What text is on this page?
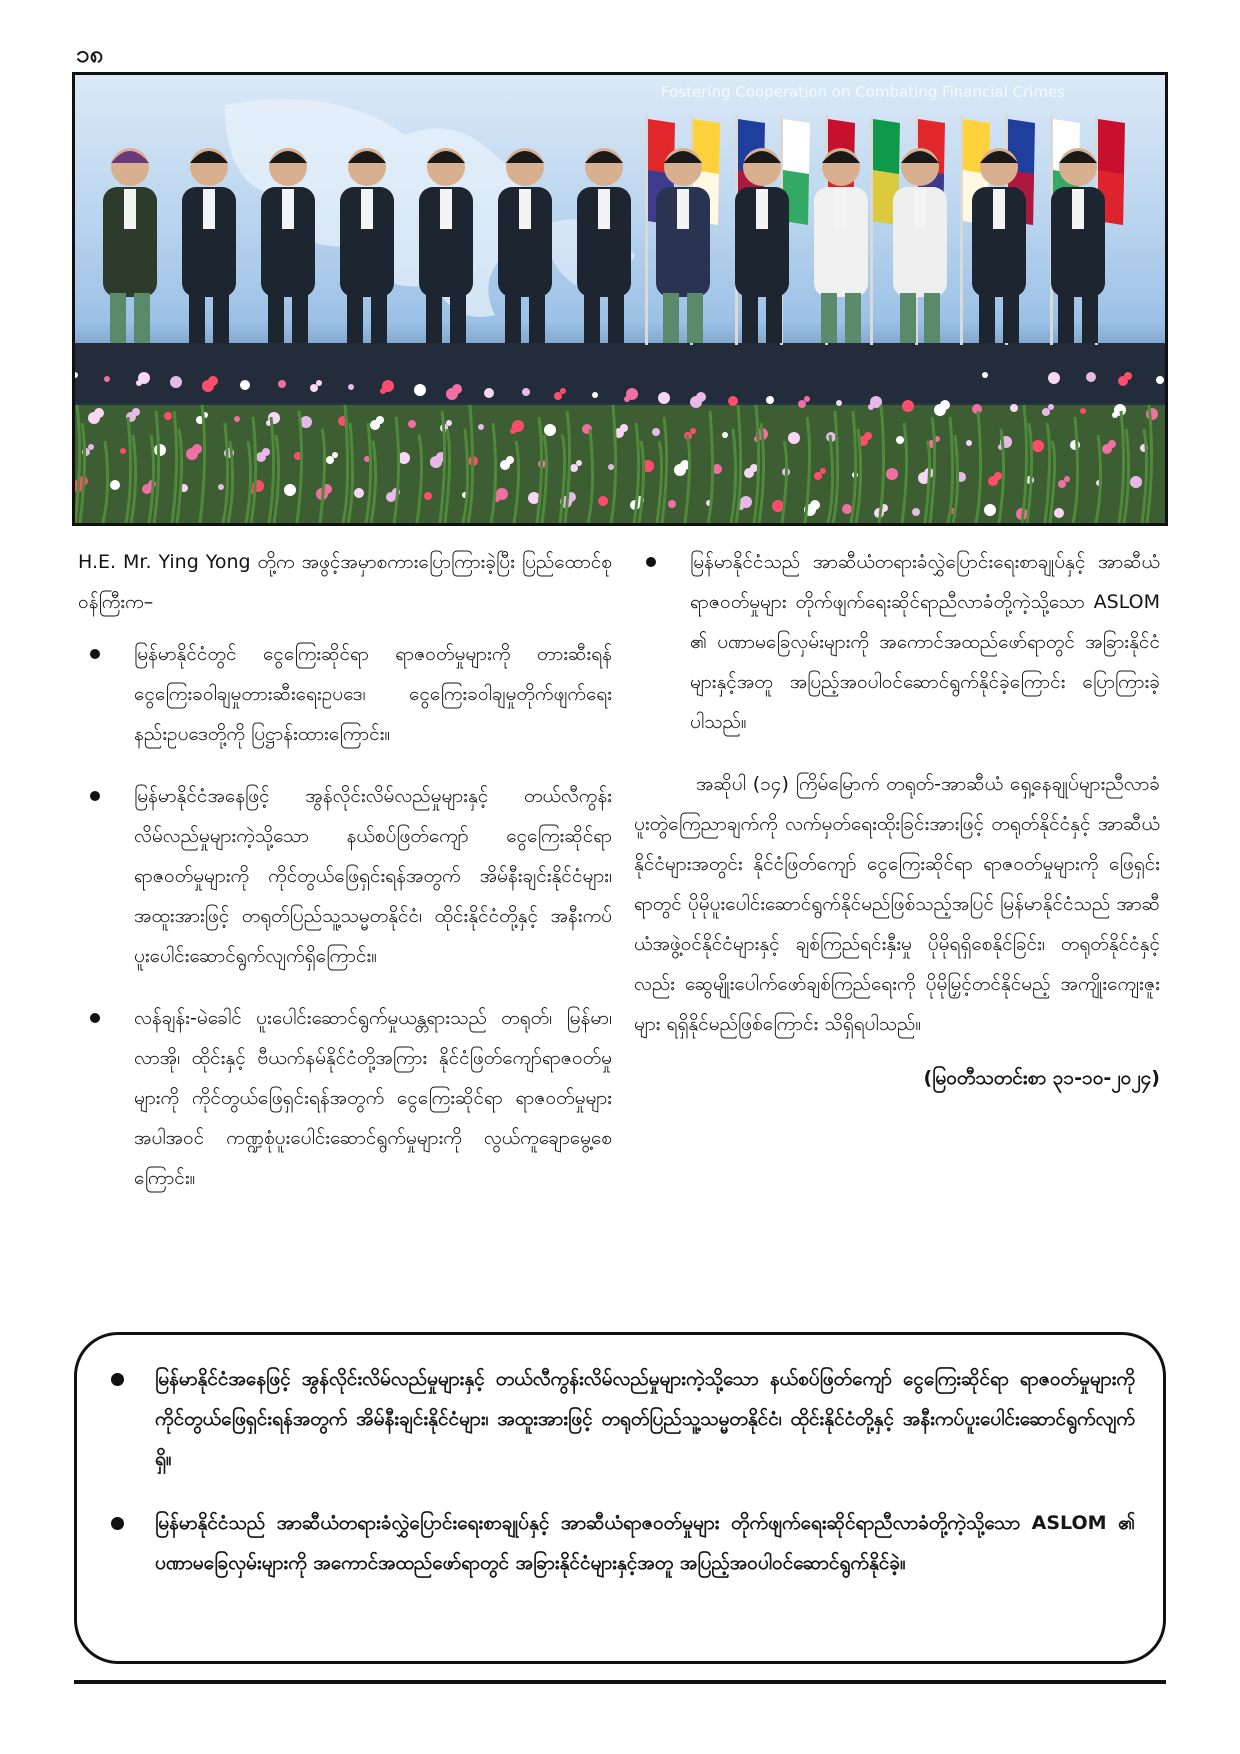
၁၈
Fostering Cooperation on Combating Financial Crimes

H.E. Mr. Ying Yong တို့က အဖွင့်အမှာစကားပြောကြားခဲ့ပြီး ပြည်ထောင်စုဝန်ကြီးက–

မြန်မာနိုင်ငံတွင် ငွေကြေးဆိုင်ရာ ရာဇဝတ်မှုများကို တားဆီးရန် ငွေကြေးခဝါချမှုတားဆီးရေးဥပဒေ၊ ငွေကြေးခဝါချမှုတိုက်ဖျက်ရေးနည်းဥပဒေတို့ကို ပြဋ္ဌာန်းထားကြောင်း။
မြန်မာနိုင်ငံအနေဖြင့် အွန်လိုင်းလိမ်လည်မှုများနှင့် တယ်လီကွန်းလိမ်လည်မှုများကဲ့သို့သော နယ်စပ်ဖြတ်ကျော် ငွေကြေးဆိုင်ရာ ရာဇဝတ်မှုများကို ကိုင်တွယ်ဖြေရှင်းရန်အတွက် အိမ်နီးချင်းနိုင်ငံများ၊ အထူးအားဖြင့် တရုတ်ပြည်သူ့သမ္မတနိုင်ငံ၊ ထိုင်းနိုင်ငံတို့နှင့် အနီးကပ်ပူးပေါင်းဆောင်ရွက်လျက်ရှိကြောင်း။
လန်ချန်း-မဲခေါင် ပူးပေါင်းဆောင်ရွက်မှုယန္တရားသည် တရုတ်၊ မြန်မာ၊ လာအို၊ ထိုင်းနှင့် ဗီယက်နမ်နိုင်ငံတို့အကြား နိုင်ငံဖြတ်ကျော်ရာဇဝတ်မှုများကို ကိုင်တွယ်ဖြေရှင်းရန်အတွက် ငွေကြေးဆိုင်ရာ ရာဇဝတ်မှုများအပါအဝင် ကဏ္ဍစုံပူးပေါင်းဆောင်ရွက်မှုများကို လွယ်ကူချောမွေ့စေကြောင်း။
မြန်မာနိုင်ငံသည် အာဆီယံတရားခံလွှဲပြောင်းရေးစာချုပ်နှင့် အာဆီယံရာဇဝတ်မှုများ တိုက်ဖျက်ရေးဆိုင်ရာညီလာခံတို့ကဲ့သို့သော ASLOM ၏ ပဏာမခြေလှမ်းများကို အကောင်အထည်ဖော်ရာတွင် အခြားနိုင်ငံများနှင့်အတူ အပြည့်အဝပါဝင်ဆောင်ရွက်နိုင်ခဲ့ကြောင်း ပြောကြားခဲ့ပါသည်။

အဆိုပါ (၁၄) ကြိမ်မြောက် တရုတ်-အာဆီယံ ရှေ့နေချုပ်များညီလာခံ ပူးတွဲကြေညာချက်ကို လက်မှတ်ရေးထိုးခြင်းအားဖြင့် တရုတ်နိုင်ငံနှင့် အာဆီယံနိုင်ငံများအတွင်း နိုင်ငံဖြတ်ကျော် ငွေကြေးဆိုင်ရာ ရာဇဝတ်မှုများကို ဖြေရှင်းရာတွင် ပိုမိုပူးပေါင်းဆောင်ရွက်နိုင်မည်ဖြစ်သည့်အပြင် မြန်မာနိုင်ငံသည် အာဆီယံအဖွဲ့ဝင်နိုင်ငံများနှင့် ချစ်ကြည်ရင်းနှီးမှု ပိုမိုရရှိစေနိုင်ခြင်း၊ တရုတ်နိုင်ငံနှင့်လည်း ဆွေမျိုးပေါက်ဖော်ချစ်ကြည်ရေးကို ပိုမိုမြှင့်တင်နိုင်မည့် အကျိုးကျေးဇူးများ ရရှိနိုင်မည်ဖြစ်ကြောင်း သိရှိရပါသည်။

(မြဝတီသတင်းစာ ၃၁-၁၀-၂၀၂၄)
မြန်မာနိုင်ငံအနေဖြင့် အွန်လိုင်းလိမ်လည်မှုများနှင့် တယ်လီကွန်းလိမ်လည်မှုများကဲ့သို့သော နယ်စပ်ဖြတ်ကျော် ငွေကြေးဆိုင်ရာ ရာဇဝတ်မှုများကို ကိုင်တွယ်ဖြေရှင်းရန်အတွက် အိမ်နီးချင်းနိုင်ငံများ၊ အထူးအားဖြင့် တရုတ်ပြည်သူ့သမ္မတနိုင်ငံ၊ ထိုင်းနိုင်ငံတို့နှင့် အနီးကပ်ပူးပေါင်းဆောင်ရွက်လျက်ရှိ။
မြန်မာနိုင်ငံသည် အာဆီယံတရားခံလွှဲပြောင်းရေးစာချုပ်နှင့် အာဆီယံရာဇဝတ်မှုများ တိုက်ဖျက်ရေးဆိုင်ရာညီလာခံတို့ကဲ့သို့သော ASLOM ၏ ပဏာမခြေလှမ်းများကို အကောင်အထည်ဖော်ရာတွင် အခြားနိုင်ငံများနှင့်အတူ အပြည့်အဝပါဝင်ဆောင်ရွက်နိုင်ခဲ့။
